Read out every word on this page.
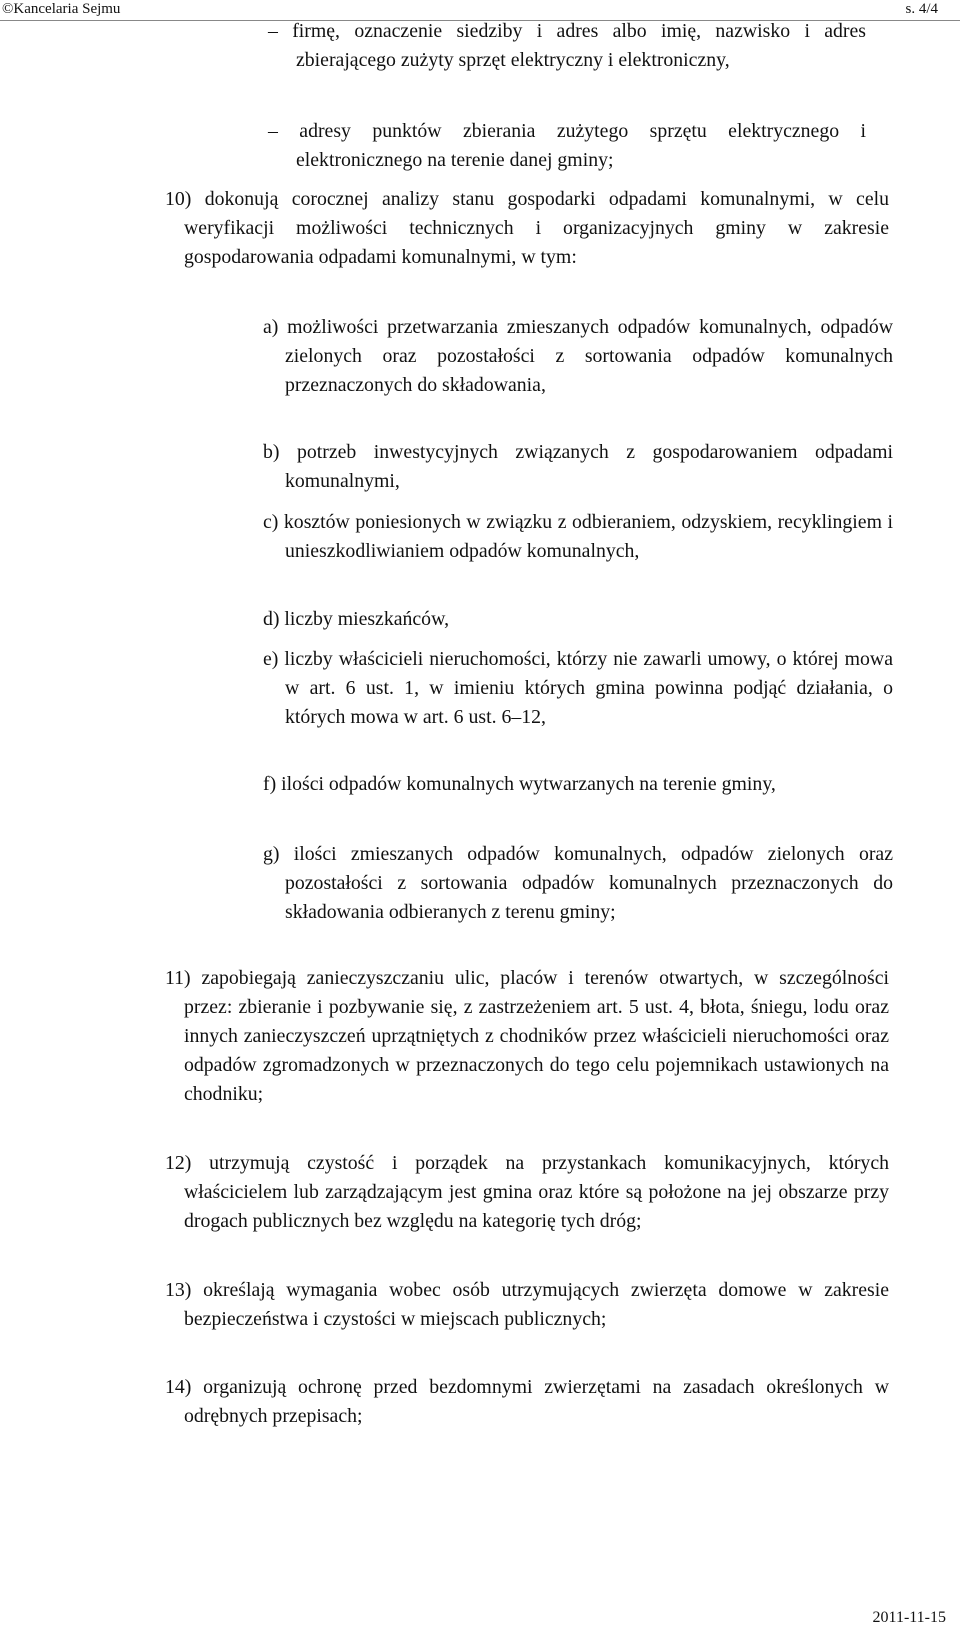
©Kancelaria Sejmu	s. 4/4
– firmę, oznaczenie siedziby i adres albo imię, nazwisko i adres zbierającego zużyty sprzęt elektryczny i elektroniczny,
– adresy punktów zbierania zużytego sprzętu elektrycznego i elektronicznego na terenie danej gminy;
10) dokonują corocznej analizy stanu gospodarki odpadami komunalnymi, w celu weryfikacji możliwości technicznych i organizacyjnych gminy w zakresie gospodarowania odpadami komunalnymi, w tym:
a) możliwości przetwarzania zmieszanych odpadów komunalnych, odpadów zielonych oraz pozostałości z sortowania odpadów komunalnych przeznaczonych do składowania,
b) potrzeb inwestycyjnych związanych z gospodarowaniem odpadami komunalnymi,
c) kosztów poniesionych w związku z odbieraniem, odzyskiem, recyklingiem i unieszkodliwianiem odpadów komunalnych,
d) liczby mieszkańców,
e) liczby właścicieli nieruchomości, którzy nie zawarli umowy, o której mowa w art. 6 ust. 1, w imieniu których gmina powinna podjąć działania, o których mowa w art. 6 ust. 6–12,
f) ilości odpadów komunalnych wytwarzanych na terenie gminy,
g) ilości zmieszanych odpadów komunalnych, odpadów zielonych oraz pozostałości z sortowania odpadów komunalnych przeznaczonych do składowania odbieranych z terenu gminy;
11) zapobiegają zanieczyszczaniu ulic, placów i terenów otwartych, w szczególności przez: zbieranie i pozbywanie się, z zastrzeżeniem art. 5 ust. 4, błota, śniegu, lodu oraz innych zanieczyszczeń uprzątniętych z chodników przez właścicieli nieruchomości oraz odpadów zgromadzonych w przeznaczonych do tego celu pojemnikach ustawionych na chodniku;
12) utrzymują czystość i porządek na przystankach komunikacyjnych, których właścicielem lub zarządzającym jest gmina oraz które są położone na jej obszarze przy drogach publicznych bez względu na kategorię tych dróg;
13) określają wymagania wobec osób utrzymujących zwierzęta domowe w zakresie bezpieczeństwa i czystości w miejscach publicznych;
14) organizują ochronę przed bezdomnymi zwierzętami na zasadach określonych w odrębnych przepisach;
2011-11-15
